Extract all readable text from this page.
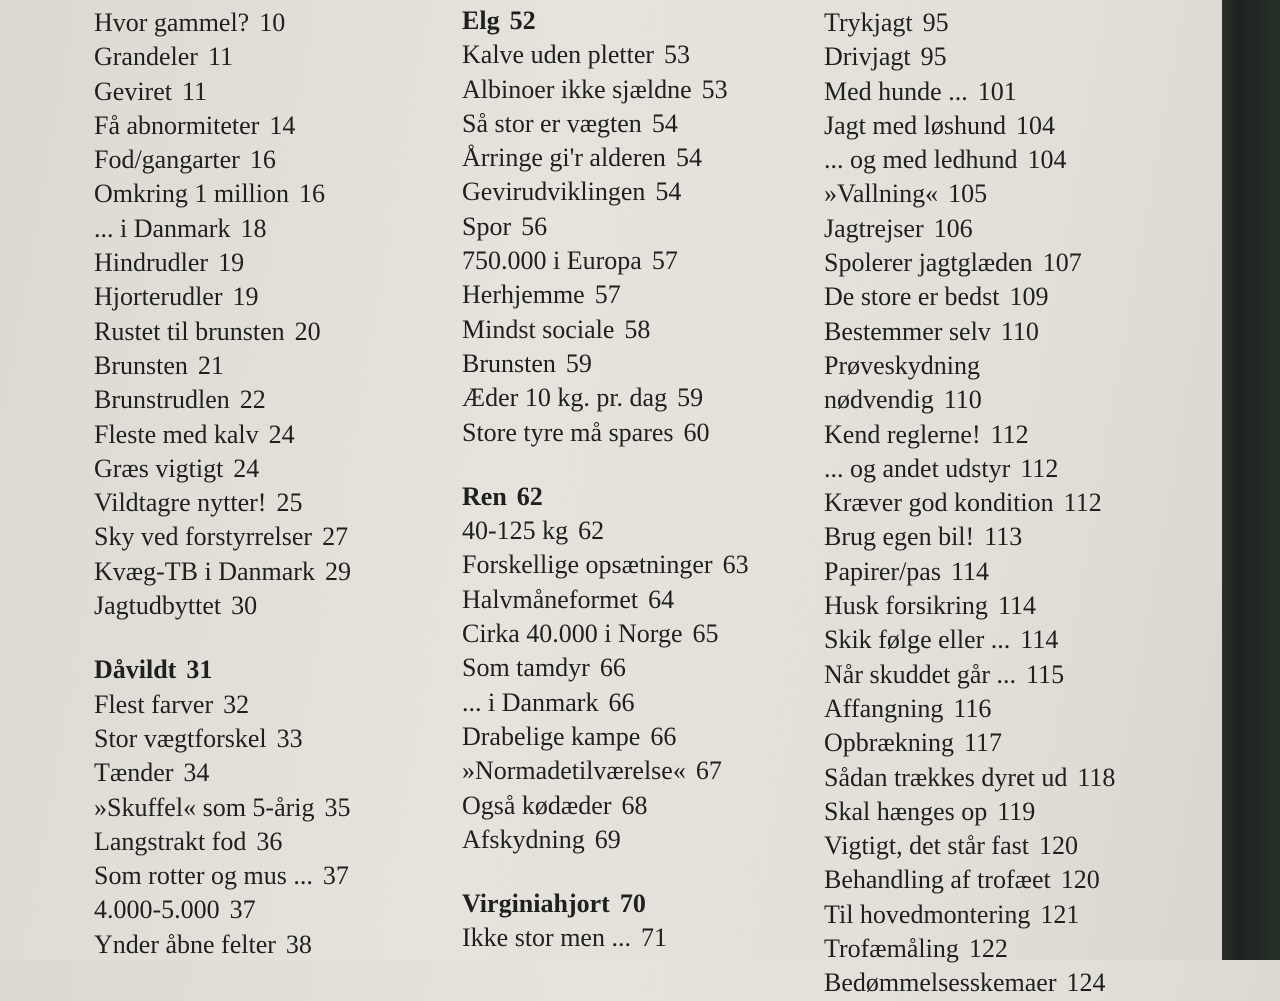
Hvor gammel? 10
Grandeler 11
Geviret 11
Få abnormiteter 14
Fod/gangarter 16
Omkring 1 million 16
... i Danmark 18
Hindrudler 19
Hjorterudler 19
Rustet til brunsten 20
Brunsten 21
Brunstrudlen 22
Fleste med kalv 24
Græs vigtigt 24
Vildtagre nytter! 25
Sky ved forstyrrelser 27
Kvæg-TB i Danmark 29
Jagtudbyttet 30
Dåvildt 31
Flest farver 32
Stor vægtforskel 33
Tænder 34
»Skuffel« som 5-årig 35
Langstrakt fod 36
Som rotter og mus ... 37
4.000-5.000 37
Ynder åbne felter 38
Elg 52
Kalve uden pletter 53
Albinoer ikke sjældne 53
Så stor er vægten 54
Årringe gi'r alderen 54
Gevirudviklingen 54
Spor 56
750.000 i Europa 57
Herhjemme 57
Mindst sociale 58
Brunsten 59
Æder 10 kg. pr. dag 59
Store tyre må spares 60
Ren 62
40-125 kg 62
Forskellige opsætninger 63
Halvmåneformet 64
Cirka 40.000 i Norge 65
Som tamdyr 66
... i Danmark 66
Drabelige kampe 66
»Normadetilværelse« 67
Også kødæder 68
Afskydning 69
Virginiahjort 70
Ikke stor men ... 71
Trykjagt 95
Drivjagt 95
Med hunde ... 101
Jagt med løshund 104
... og med ledhund 104
»Vallning« 105
Jagtrejser 106
Spolerer jagtglæden 107
De store er bedst 109
Bestemmer selv 110
Prøveskydning
nødvendig 110
Kend reglerne! 112
... og andet udstyr 112
Kræver god kondition 112
Brug egen bil! 113
Papirer/pas 114
Husk forsikring 114
Skik følge eller ... 114
Når skuddet går ... 115
Affangning 116
Opbrækning 117
Sådan trækkes dyret ud 118
Skal hænges op 119
Vigtigt, det står fast 120
Behandling af trofæet 120
Til hovedmontering 121
Trofæmåling 122
Bedømmelsesskemaer 124
